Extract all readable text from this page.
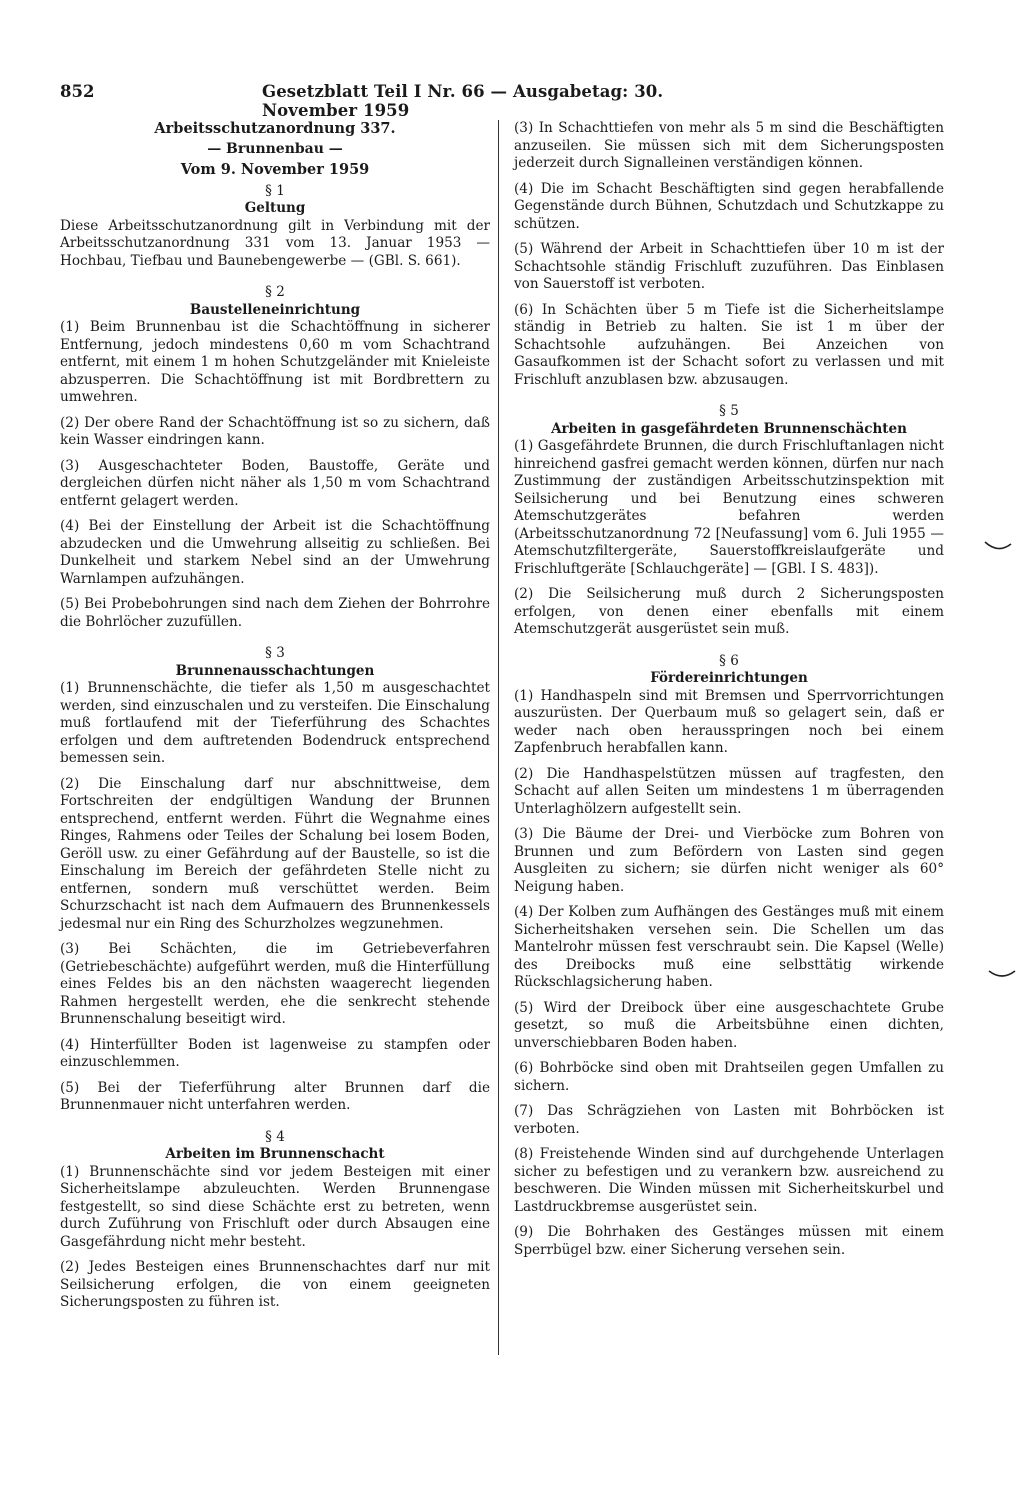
852	Gesetzblatt Teil I Nr. 66 — Ausgabetag: 30. November 1959
Arbeitsschutzanordnung 337.
— Brunnenbau —
Vom 9. November 1959
§ 1
Geltung

Diese Arbeitsschutzanordnung gilt in Verbindung mit der Arbeitsschutzanordnung 331 vom 13. Januar 1953 — Hochbau, Tiefbau und Baunebengewerbe — (GBl. S. 661).

§ 2
Baustelleneinrichtung

(1) Beim Brunnenbau ist die Schachtöffnung in sicherer Entfernung, jedoch mindestens 0,60 m vom Schachtrand entfernt, mit einem 1 m hohen Schutzgeländer mit Knieleiste abzusperren. Die Schachtöffnung ist mit Bordbrettern zu umwehren.

(2) Der obere Rand der Schachtöffnung ist so zu sichern, daß kein Wasser eindringen kann.

(3) Ausgeschachteter Boden, Baustoffe, Geräte und dergleichen dürfen nicht näher als 1,50 m vom Schachtrand entfernt gelagert werden.

(4) Bei der Einstellung der Arbeit ist die Schachtöffnung abzudecken und die Umwehrung allseitig zu schließen. Bei Dunkelheit und starkem Nebel sind an der Umwehrung Warnlampen aufzuhängen.

(5) Bei Probebohrungen sind nach dem Ziehen der Bohrrohre die Bohrlöcher zuzufüllen.

§ 3
Brunnenausschachtungen

(1) Brunnenschächte, die tiefer als 1,50 m ausgeschachtet werden, sind einzuschalen und zu versteifen. Die Einschalung muß fortlaufend mit der Tieferführung des Schachtes erfolgen und dem auftretenden Bodendruck entsprechend bemessen sein.

(2) Die Einschalung darf nur abschnittweise, dem Fortschreiten der endgültigen Wandung der Brunnen entsprechend, entfernt werden. Führt die Wegnahme eines Ringes, Rahmens oder Teiles der Schalung bei losem Boden, Geröll usw. zu einer Gefährdung auf der Baustelle, so ist die Einschalung im Bereich der gefährdeten Stelle nicht zu entfernen, sondern muß verschüttet werden. Beim Schurzschacht ist nach dem Aufmauern des Brunnenkessels jedesmal nur ein Ring des Schurzholzes wegzunehmen.

(3) Bei Schächten, die im Getriebeverfahren (Getriebeschächte) aufgeführt werden, muß die Hinterfüllung eines Feldes bis an den nächsten waagerecht liegenden Rahmen hergestellt werden, ehe die senkrecht stehende Brunnenschalung beseitigt wird.

(4) Hinterfüllter Boden ist lagenweise zu stampfen oder einzuschlemmen.

(5) Bei der Tieferführung alter Brunnen darf die Brunnenmauer nicht unterfahren werden.

§ 4
Arbeiten im Brunnenschacht

(1) Brunnenschächte sind vor jedem Besteigen mit einer Sicherheitslampe abzuleuchten. Werden Brunnengase festgestellt, so sind diese Schächte erst zu betreten, wenn durch Zuführung von Frischluft oder durch Absaugen eine Gasgefährdung nicht mehr besteht.

(2) Jedes Besteigen eines Brunnenschachtes darf nur mit Seilsicherung erfolgen, die von einem geeigneten Sicherungsposten zu führen ist.

(3) In Schachttiefen von mehr als 5 m sind die Beschäftigten anzuseilen. Sie müssen sich mit dem Sicherungsposten jederzeit durch Signalleinen verständigen können.

(4) Die im Schacht Beschäftigten sind gegen herabfallende Gegenstände durch Bühnen, Schutzdach und Schutzkappe zu schützen.

(5) Während der Arbeit in Schachttiefen über 10 m ist der Schachtsohle ständig Frischluft zuzuführen. Das Einblasen von Sauerstoff ist verboten.

(6) In Schächten über 5 m Tiefe ist die Sicherheitslampe ständig in Betrieb zu halten. Sie ist 1 m über der Schachtsohle aufzuhängen. Bei Anzeichen von Gasaufkommen ist der Schacht sofort zu verlassen und mit Frischluft anzublasen bzw. abzusaugen.

§ 5
Arbeiten in gasgefährdeten Brunnenschächten

(1) Gasgefährdete Brunnen, die durch Frischluftanlagen nicht hinreichend gasfrei gemacht werden können, dürfen nur nach Zustimmung der zuständigen Arbeitsschutzinspektion mit Seilsicherung und bei Benutzung eines schweren Atemschutzgerätes befahren werden (Arbeitsschutzanordnung 72 [Neufassung] vom 6. Juli 1955 — Atemschutzfiltergeräte, Sauerstoffkreislaufgeräte und Frischluftgeräte [Schlauchgeräte] — [GBl. I S. 483]).

(2) Die Seilsicherung muß durch 2 Sicherungsposten erfolgen, von denen einer ebenfalls mit einem Atemschutzgerät ausgerüstet sein muß.

§ 6
Fördereinrichtungen

(1) Handhaspeln sind mit Bremsen und Sperrvorrichtungen auszurüsten. Der Querbaum muß so gelagert sein, daß er weder nach oben herausspringen noch bei einem Zapfenbruch herabfallen kann.

(2) Die Handhaspelstützen müssen auf tragfesten, den Schacht auf allen Seiten um mindestens 1 m überragenden Unterlaghölzern aufgestellt sein.

(3) Die Bäume der Drei- und Vierböcke zum Bohren von Brunnen und zum Befördern von Lasten sind gegen Ausgleiten zu sichern; sie dürfen nicht weniger als 60° Neigung haben.

(4) Der Kolben zum Aufhängen des Gestänges muß mit einem Sicherheitshaken versehen sein. Die Schellen um das Mantelrohr müssen fest verschraubt sein. Die Kapsel (Welle) des Dreibocks muß eine selbsttätig wirkende Rückschlagsicherung haben.

(5) Wird der Dreibock über eine ausgeschachtete Grube gesetzt, so muß die Arbeitsbühne einen dichten, unverschiebbaren Boden haben.

(6) Bohrböcke sind oben mit Drahtseilen gegen Umfallen zu sichern.

(7) Das Schrägziehen von Lasten mit Bohrböcken ist verboten.

(8) Freistehende Winden sind auf durchgehende Unterlagen sicher zu befestigen und zu verankern bzw. ausreichend zu beschweren. Die Winden müssen mit Sicherheitskurbel und Lastdruckbremse ausgerüstet sein.

(9) Die Bohrhaken des Gestänges müssen mit einem Sperrbügel bzw. einer Sicherung versehen sein.
